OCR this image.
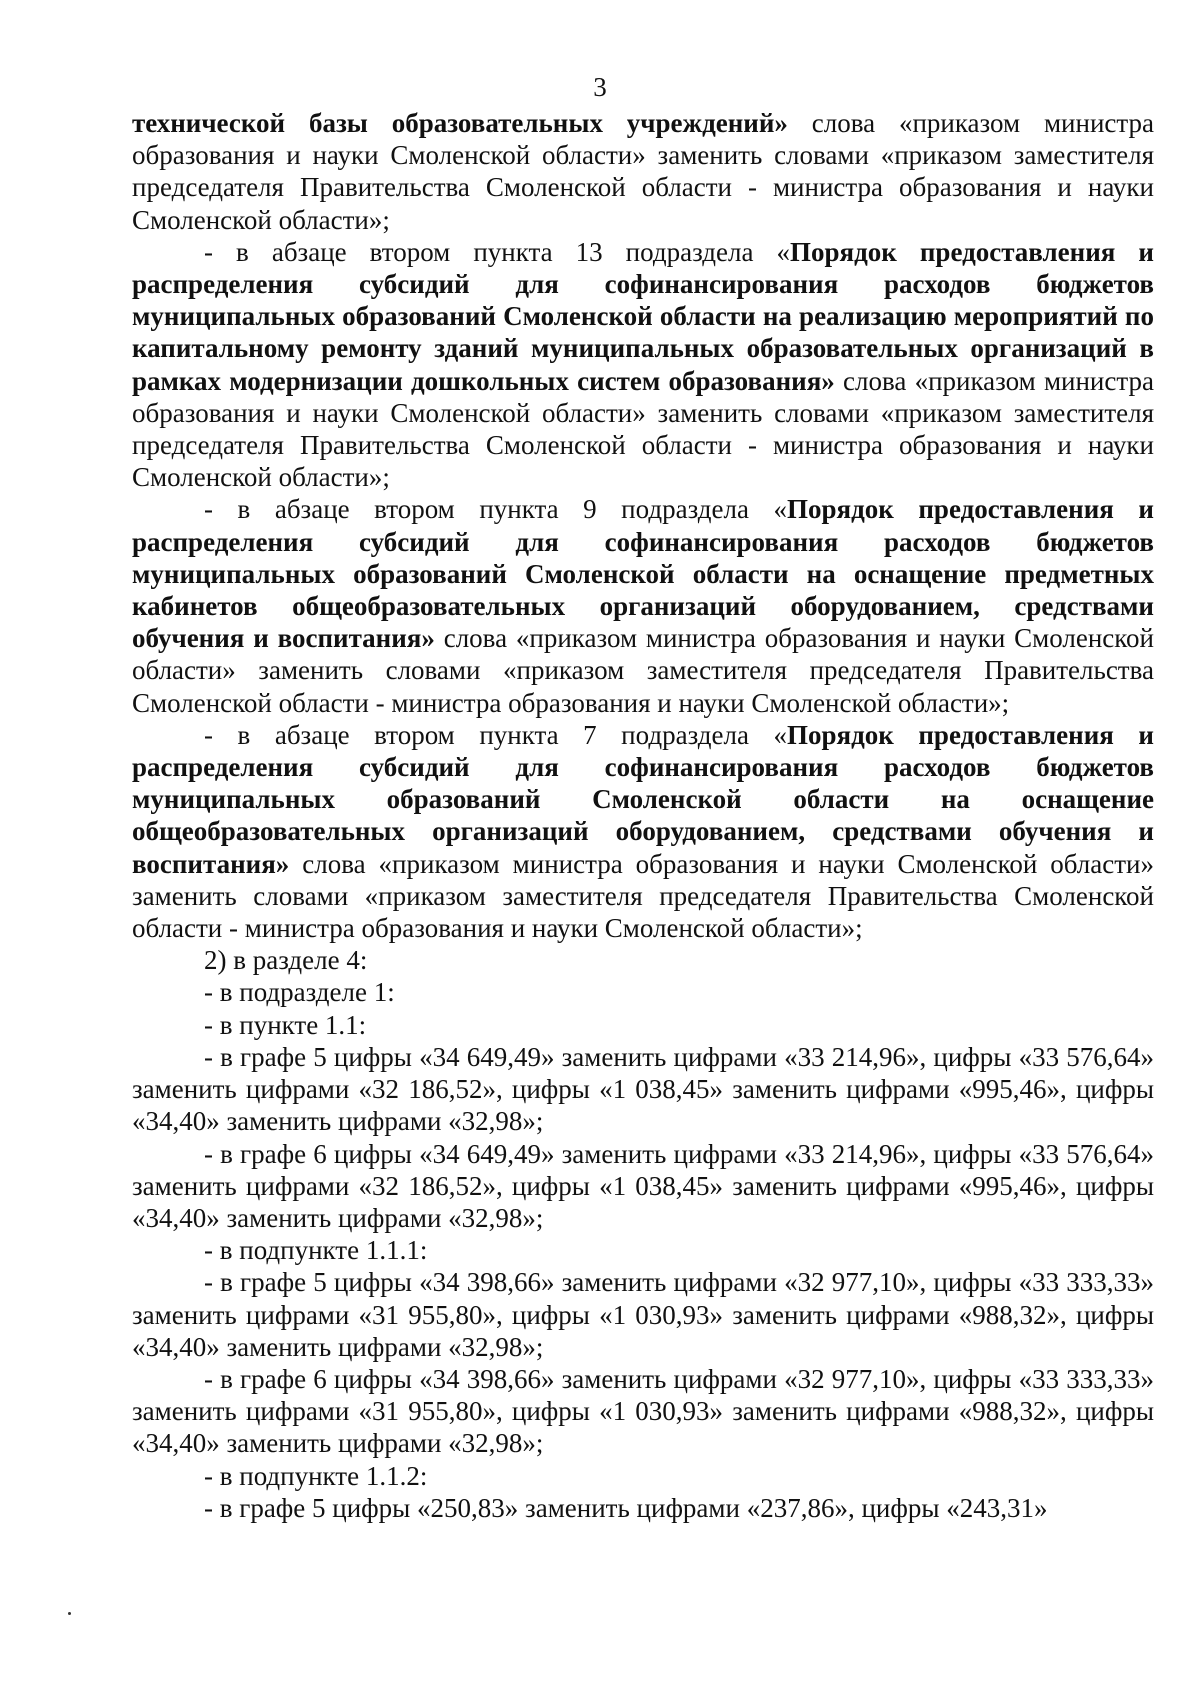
3

технической базы образовательных учреждений» слова «приказом министра образования и науки Смоленской области» заменить словами «приказом заместителя председателя Правительства Смоленской области - министра образования и науки Смоленской области»;

- в абзаце втором пункта 13 подраздела «Порядок предоставления и распределения субсидий для софинансирования расходов бюджетов муниципальных образований Смоленской области на реализацию мероприятий по капитальному ремонту зданий муниципальных образовательных организаций в рамках модернизации дошкольных систем образования» слова «приказом министра образования и науки Смоленской области» заменить словами «приказом заместителя председателя Правительства Смоленской области - министра образования и науки Смоленской области»;

- в абзаце втором пункта 9 подраздела «Порядок предоставления и распределения субсидий для софинансирования расходов бюджетов муниципальных образований Смоленской области на оснащение предметных кабинетов общеобразовательных организаций оборудованием, средствами обучения и воспитания» слова «приказом министра образования и науки Смоленской области» заменить словами «приказом заместителя председателя Правительства Смоленской области - министра образования и науки Смоленской области»;

- в абзаце втором пункта 7 подраздела «Порядок предоставления и распределения субсидий для софинансирования расходов бюджетов муниципальных образований Смоленской области на оснащение общеобразовательных организаций оборудованием, средствами обучения и воспитания» слова «приказом министра образования и науки Смоленской области» заменить словами «приказом заместителя председателя Правительства Смоленской области - министра образования и науки Смоленской области»;

2) в разделе 4:

- в подразделе 1:

- в пункте 1.1:

- в графе 5 цифры «34 649,49» заменить цифрами «33 214,96», цифры «33 576,64» заменить цифрами «32 186,52», цифры «1 038,45» заменить цифрами «995,46», цифры «34,40» заменить цифрами «32,98»;

- в графе 6 цифры «34 649,49» заменить цифрами «33 214,96», цифры «33 576,64» заменить цифрами «32 186,52», цифры «1 038,45» заменить цифрами «995,46», цифры «34,40» заменить цифрами «32,98»;

- в подпункте 1.1.1:

- в графе 5 цифры «34 398,66» заменить цифрами «32 977,10», цифры «33 333,33» заменить цифрами «31 955,80», цифры «1 030,93» заменить цифрами «988,32», цифры «34,40» заменить цифрами «32,98»;

- в графе 6 цифры «34 398,66» заменить цифрами «32 977,10», цифры «33 333,33» заменить цифрами «31 955,80», цифры «1 030,93» заменить цифрами «988,32», цифры «34,40» заменить цифрами «32,98»;

- в подпункте 1.1.2:

- в графе 5 цифры «250,83» заменить цифрами «237,86», цифры «243,31»
